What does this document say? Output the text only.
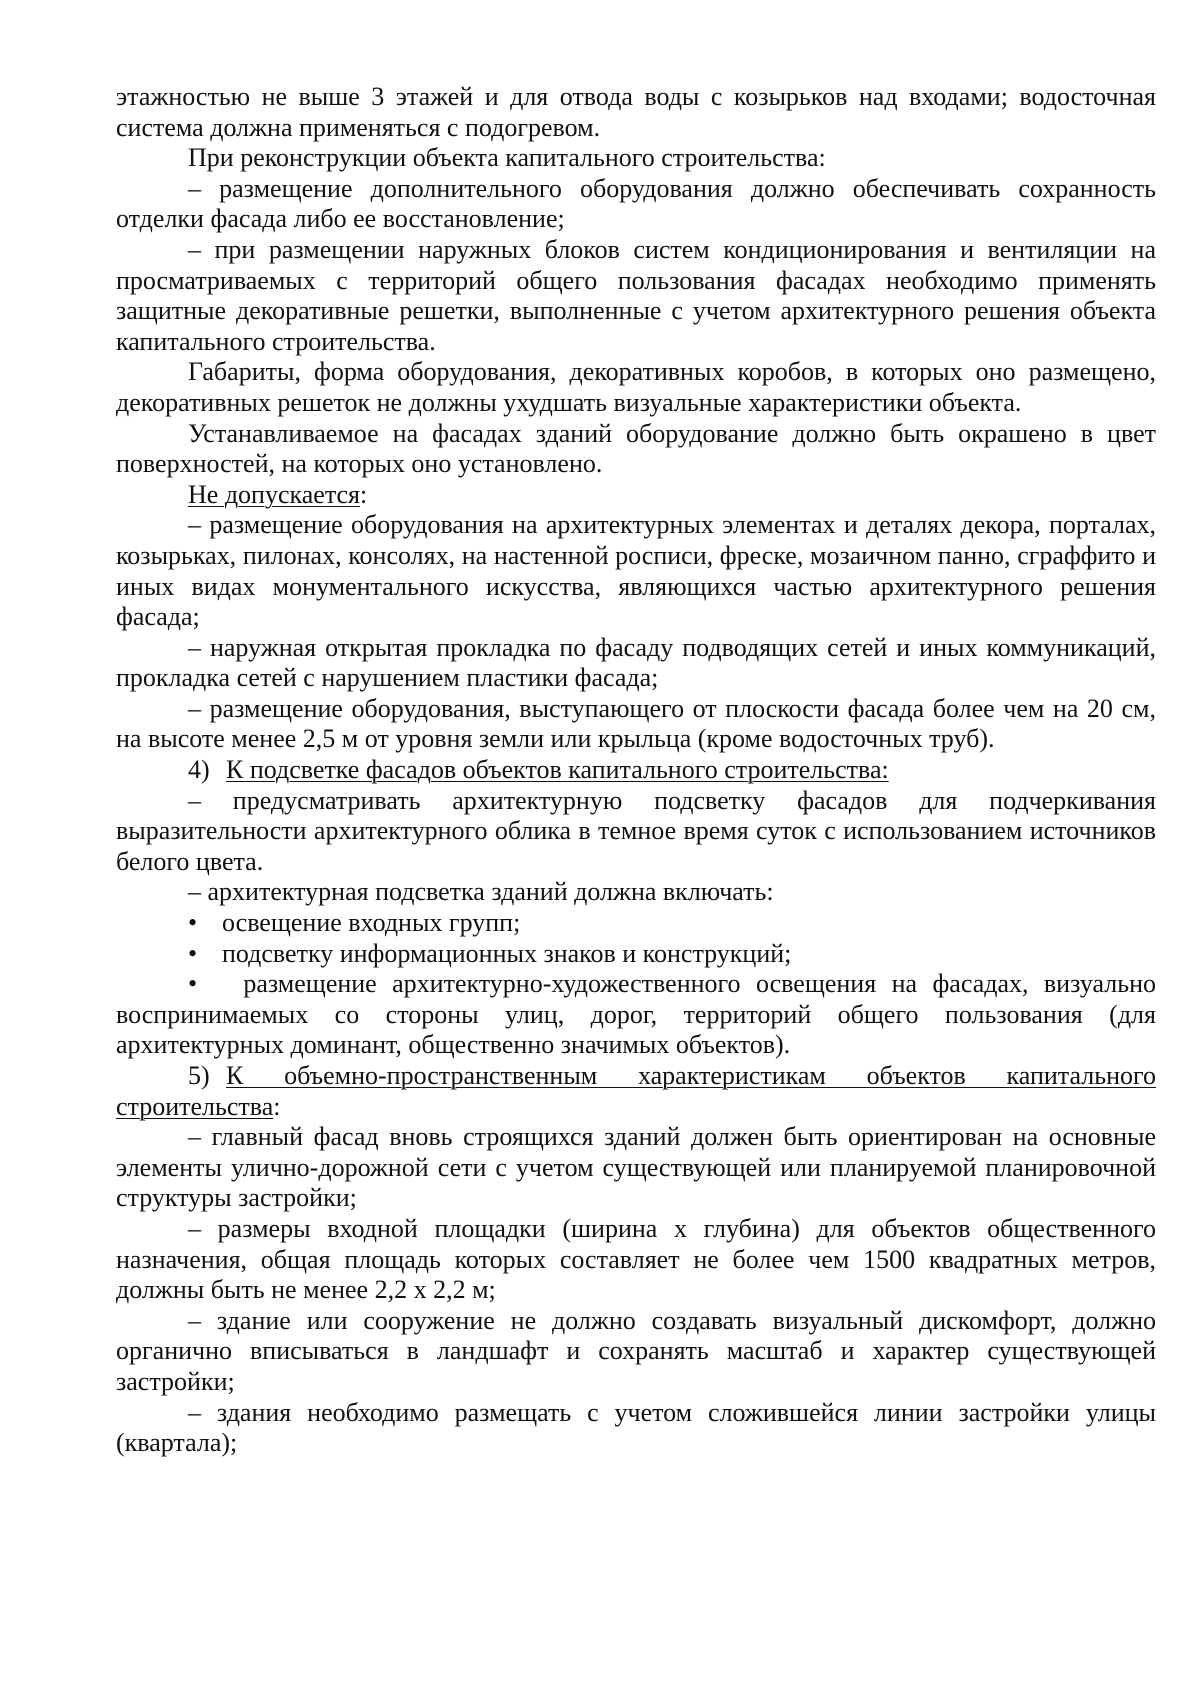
этажностью не выше 3 этажей и для отвода воды с козырьков над входами; водосточная система должна применяться с подогревом.

При реконструкции объекта капитального строительства:

– размещение дополнительного оборудования должно обеспечивать сохранность отделки фасада либо ее восстановление;

– при размещении наружных блоков систем кондиционирования и вентиляции на просматриваемых с территорий общего пользования фасадах необходимо применять защитные декоративные решетки, выполненные с учетом архитектурного решения объекта капитального строительства.

Габариты, форма оборудования, декоративных коробов, в которых оно размещено, декоративных решеток не должны ухудшать визуальные характеристики объекта.

Устанавливаемое на фасадах зданий оборудование должно быть окрашено в цвет поверхностей, на которых оно установлено.

Не допускается:

– размещение оборудования на архитектурных элементах и деталях декора, порталах, козырьках, пилонах, консолях, на настенной росписи, фреске, мозаичном панно, сграффито и иных видах монументального искусства, являющихся частью архитектурного решения фасада;

– наружная открытая прокладка по фасаду подводящих сетей и иных коммуникаций, прокладка сетей с нарушением пластики фасада;

– размещение оборудования, выступающего от плоскости фасада более чем на 20 см, на высоте менее 2,5 м от уровня земли или крыльца (кроме водосточных труб).

4) К подсветке фасадов объектов капитального строительства:

– предусматривать архитектурную подсветку фасадов для подчеркивания выразительности архитектурного облика в темное время суток с использованием источников белого цвета.

– архитектурная подсветка зданий должна включать:

• освещение входных групп;

• подсветку информационных знаков и конструкций;

• размещение архитектурно-художественного освещения на фасадах, визуально воспринимаемых со стороны улиц, дорог, территорий общего пользования (для архитектурных доминант, общественно значимых объектов).

5) К объемно-пространственным характеристикам объектов капитального строительства:

– главный фасад вновь строящихся зданий должен быть ориентирован на основные элементы улично-дорожной сети с учетом существующей или планируемой планировочной структуры застройки;

– размеры входной площадки (ширина х глубина) для объектов общественного назначения, общая площадь которых составляет не более чем 1500 квадратных метров, должны быть не менее 2,2 х 2,2 м;

– здание или сооружение не должно создавать визуальный дискомфорт, должно органично вписываться в ландшафт и сохранять масштаб и характер существующей застройки;

– здания необходимо размещать с учетом сложившейся линии застройки улицы (квартала);
